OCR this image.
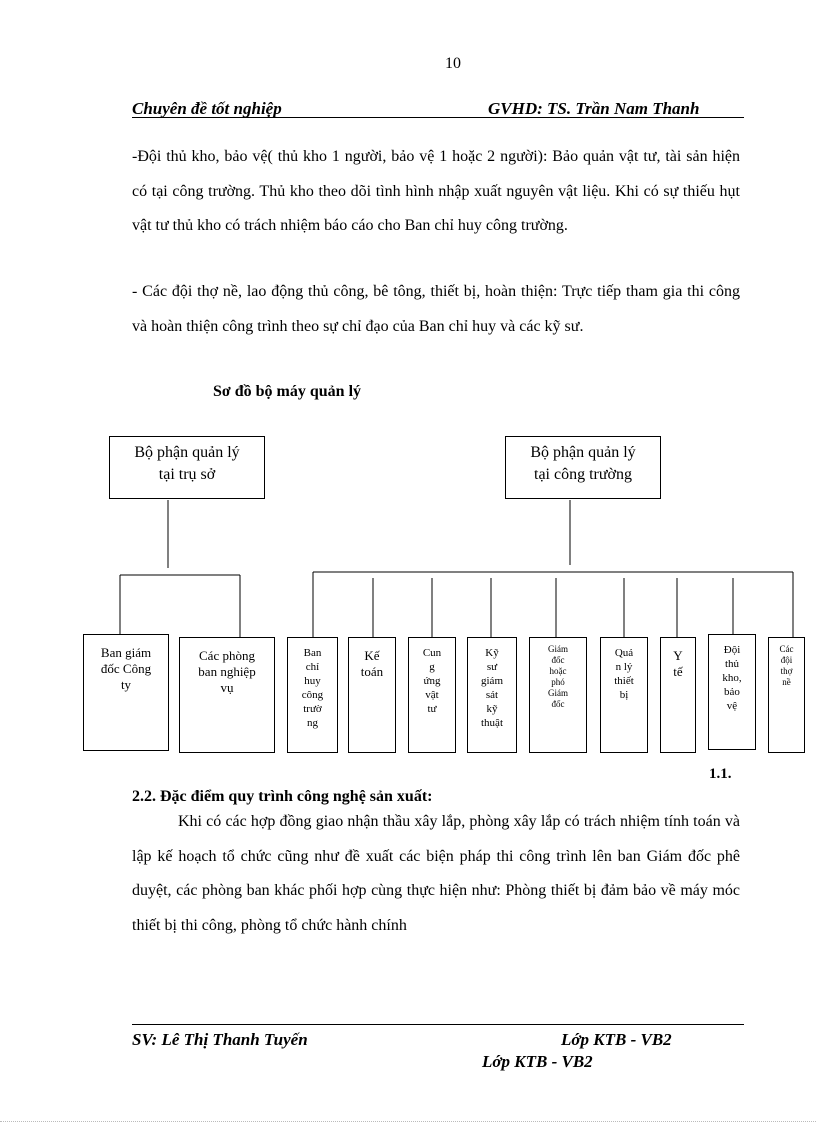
10
Chuyên đề tốt nghiệp	GVHD: TS. Trần Nam Thanh

-Đội thủ kho, bảo vệ( thủ kho 1 người, bảo vệ 1 hoặc 2 người): Bảo quản vật tư, tài sản hiện có tại công trường. Thủ kho theo dõi tình hình nhập xuất nguyên vật liệu. Khi có sự thiếu hụt vật tư thủ kho có trách nhiệm báo cáo cho Ban chỉ huy công trường.

- Các đội thợ nề, lao động thủ công, bê tông, thiết bị, hoàn thiện: Trực tiếp tham gia thi công và hoàn thiện công trình theo sự chỉ đạo của Ban chỉ huy và các kỹ sư.

Sơ đồ bộ máy quản lý
Bộ phận quản lý
tại trụ sở
Bộ phận quản lý
tại công trường
Ban giám
đốc Công
ty
Các phòng
ban nghiệp
vụ
Ban
chỉ
huy
công
trườ
ng
Kế
toán
Cun
g
ứng
vật
tư
Kỹ
sư
giám
sát
kỹ
thuật
Giám
đốc
hoặc
phó
Giám
đốc
Quả
n lý
thiết
bị
Y
tế
Đội
thủ
kho,
bảo
vệ
Các
đội
thợ
nề
1.1.
2.2. Đặc điểm quy trình công nghệ sản xuất:

Khi có các hợp đồng giao nhận thầu xây lắp, phòng xây lắp có trách nhiệm tính toán và lập kế hoạch tổ chức cũng như đề xuất các biện pháp thi công trình lên ban Giám đốc phê duyệt, các phòng ban khác phối hợp cùng thực hiện như: Phòng thiết bị đảm bảo về máy móc thiết bị thi công, phòng tổ chức hành chính

SV: Lê Thị Thanh Tuyến	Lớp KTB - VB2
Lớp KTB - VB2
